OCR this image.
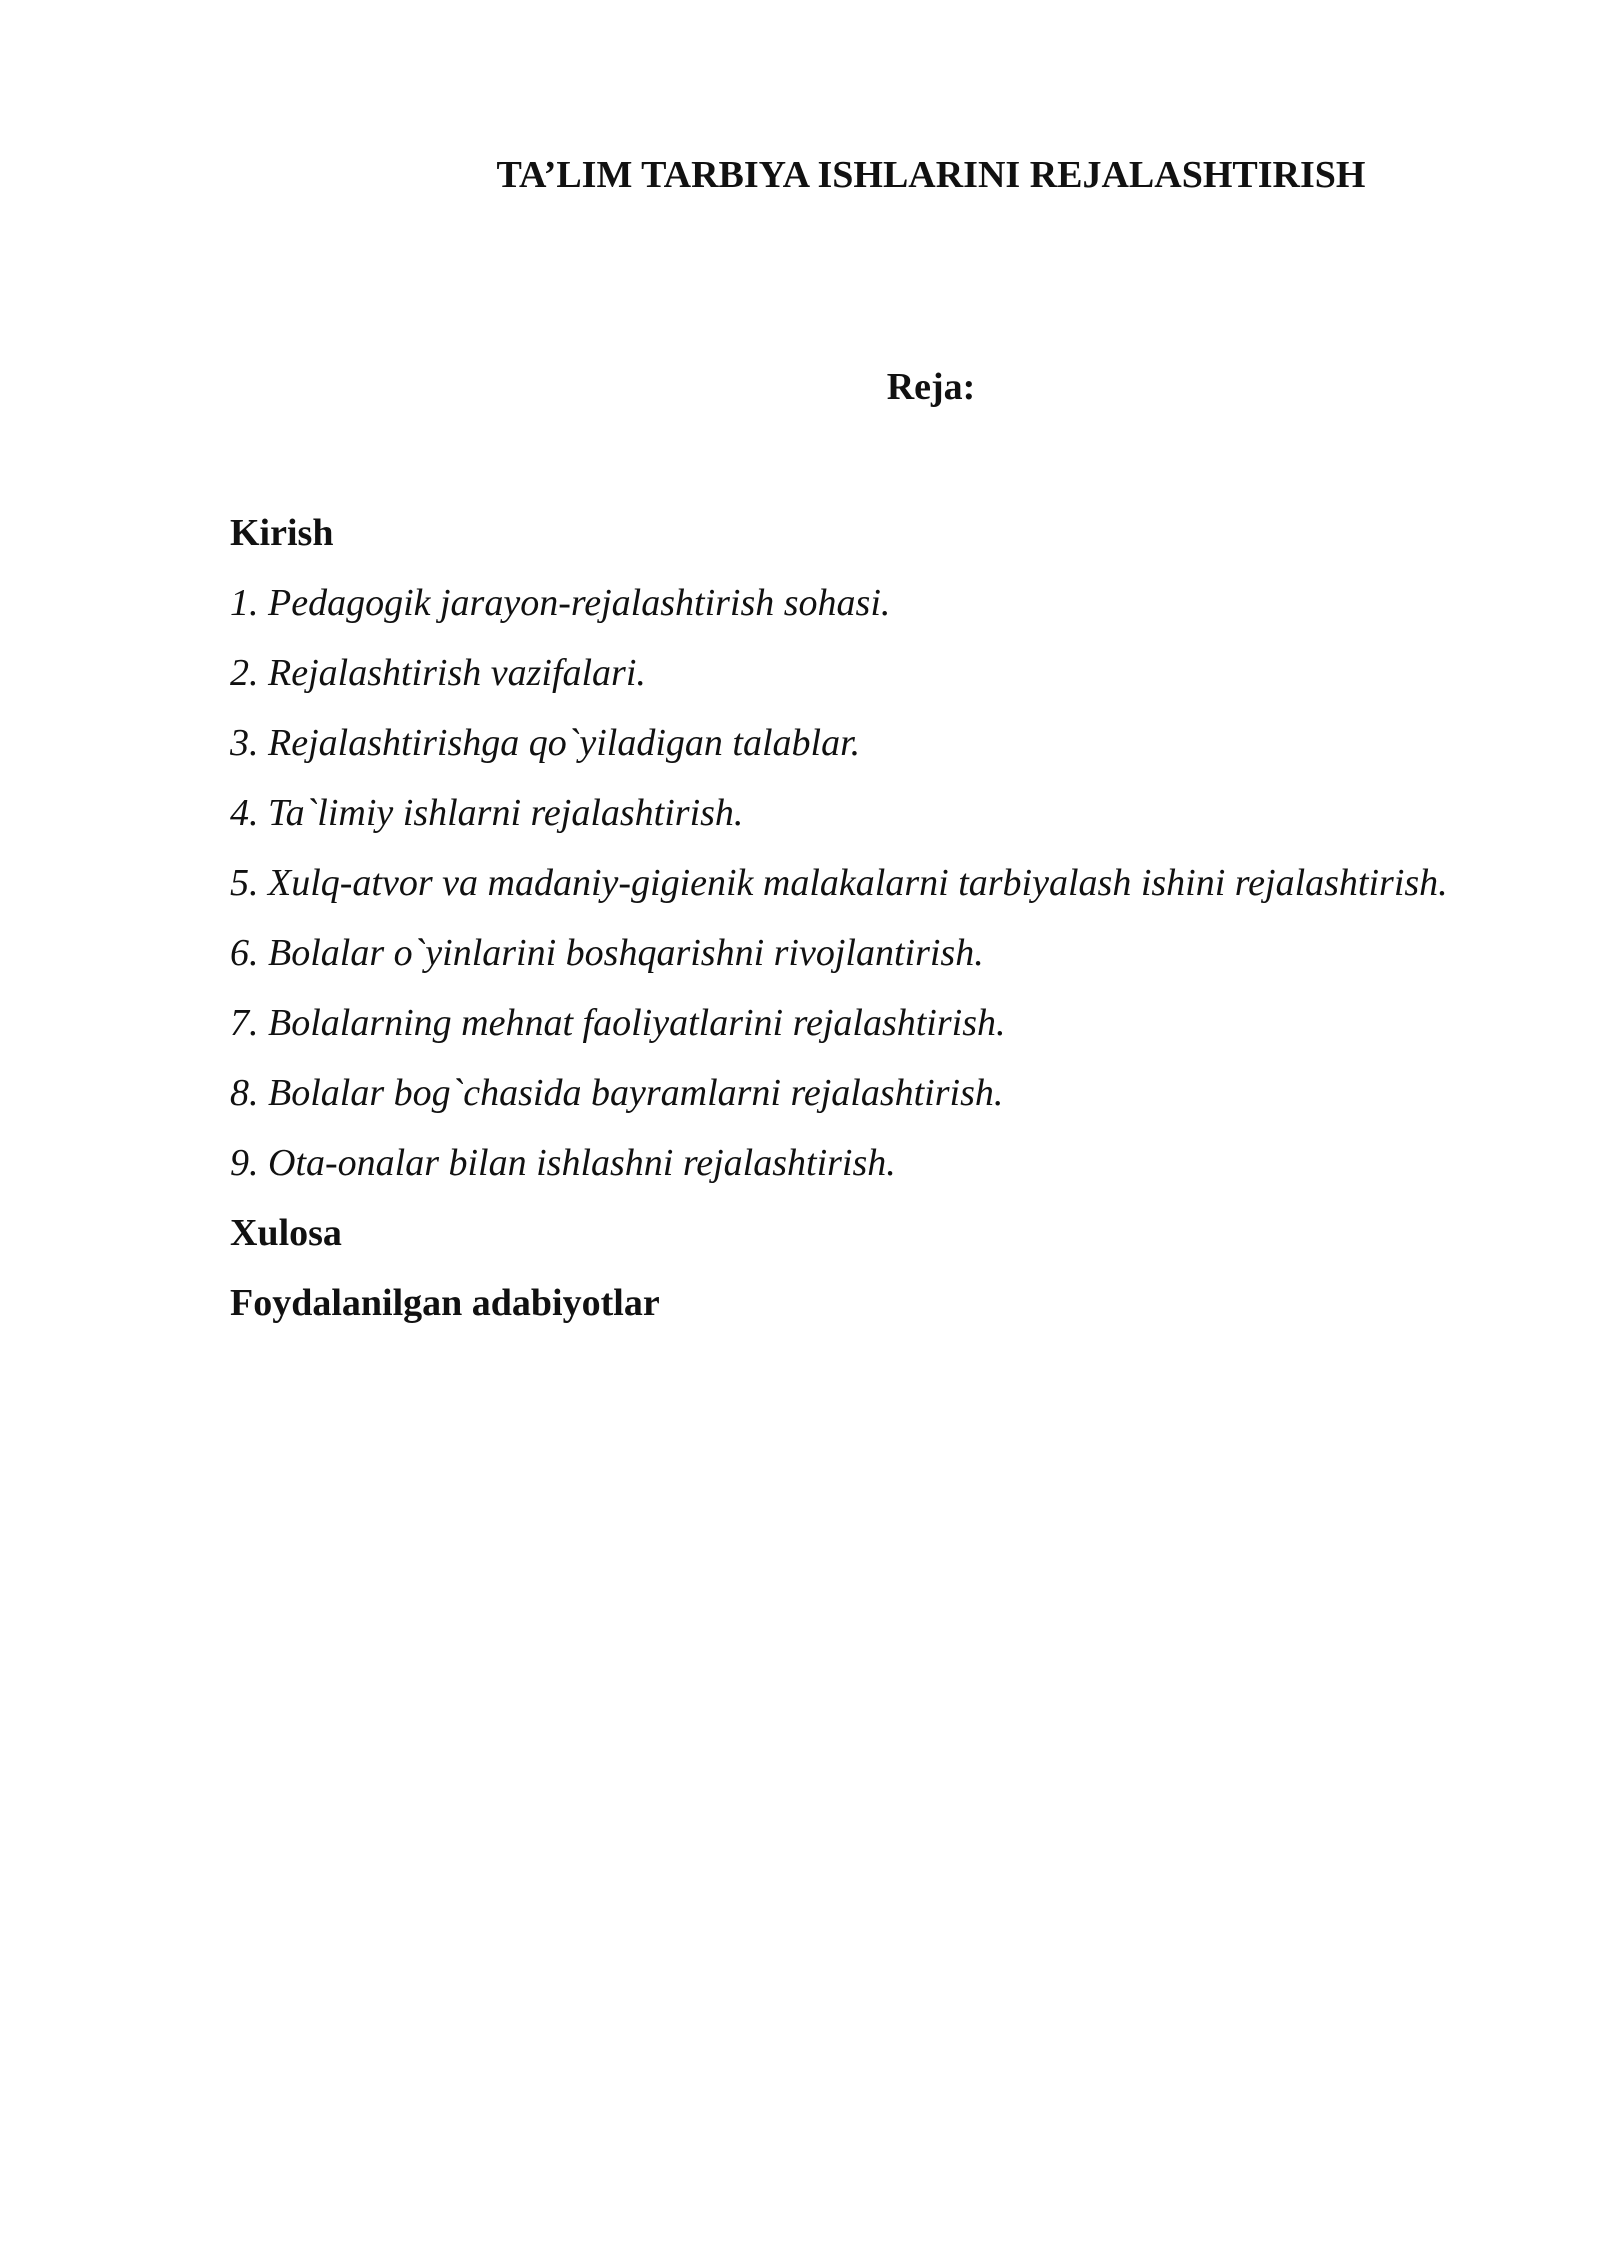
TA’LIM TARBIYA ISHLARINI REJALASHTIRISH
Reja:
Kirish
1. Pedagogik jarayon-rejalashtirish sohasi.
2. Rejalashtirish vazifalari.
3. Rejalashtirishga qo`yiladigan talablar.
4. Ta`limiy ishlarni rejalashtirish.
5. Xulq-atvor va madaniy-gigienik malakalarni tarbiyalash ishini rejalashtirish.
6. Bolalar o`yinlarini boshqarishni rivojlantirish.
7. Bolalarning mehnat faoliyatlarini rejalashtirish.
8. Bolalar bog`chasida bayramlarni rejalashtirish.
9. Ota-onalar bilan ishlashni rejalashtirish.
Xulosa
Foydalanilgan adabiyotlar
